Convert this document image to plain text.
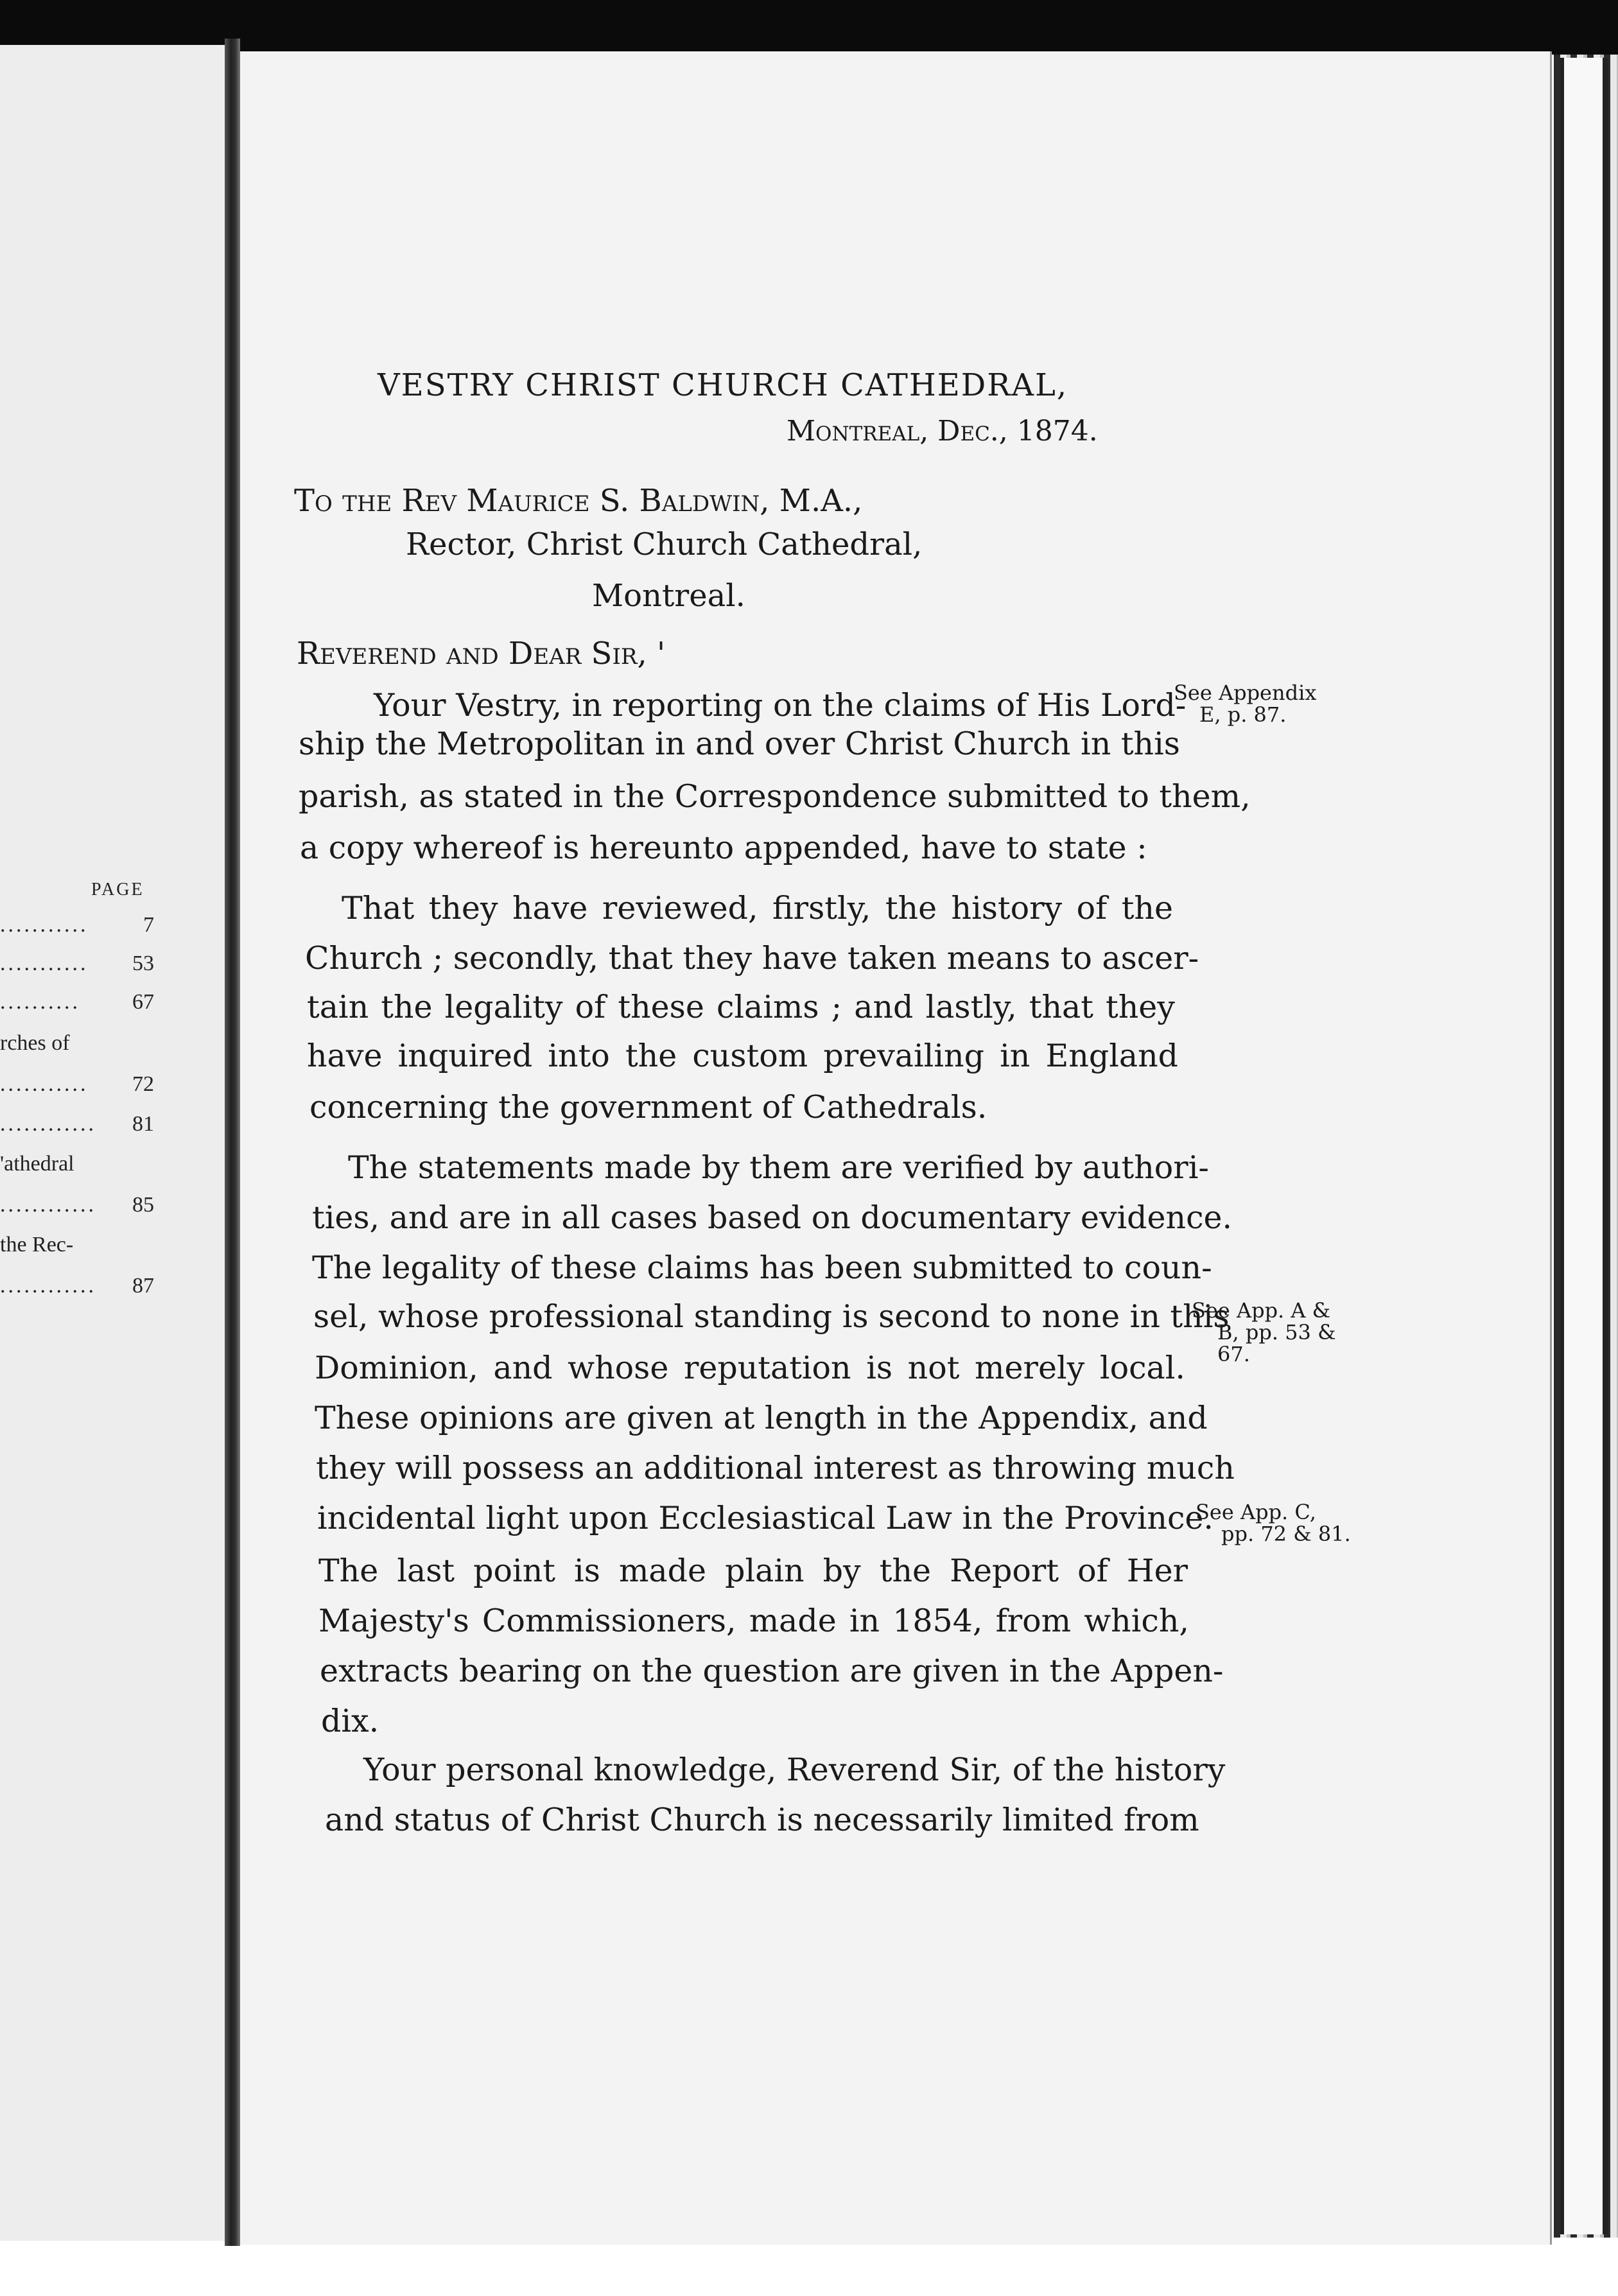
PAGE
...........	7
...........	53
..........	67
rches of
...........	72
............	81
'athedral
............	85
the Rec-
............	87
VESTRY CHRIST CHURCH CATHEDRAL,
Montreal, Dec., 1874.
To the Rev Maurice S. Baldwin, M.A.,
Rector, Christ Church Cathedral,
Montreal.
Reverend and Dear Sir, '
Your Vestry, in reporting on the claims of His Lord-
ship the Metropolitan in and over Christ Church in this
parish, as stated in the Correspondence submitted to them,
a copy whereof is hereunto appended, have to state :
That they have reviewed, firstly, the history of the
Church ; secondly, that they have taken means to ascer-
tain the legality of these claims ; and lastly, that they
have inquired into the custom prevailing in England
concerning the government of Cathedrals.
The statements made by them are verified by authori-
ties, and are in all cases based on documentary evidence.
The legality of these claims has been submitted to coun-
sel, whose professional standing is second to none in this
Dominion, and whose reputation is not merely local.
These opinions are given at length in the Appendix, and
they will possess an additional interest as throwing much
incidental light upon Ecclesiastical Law in the Province.
The last point is made plain by the Report of Her
Majesty's Commissioners, made in 1854, from which,
extracts bearing on the question are given in the Appen-
dix.
Your personal knowledge, Reverend Sir, of the history
and status of Christ Church is necessarily limited from
See Appendix
E, p. 87.
See App. A &
B, pp. 53 &
67.
See App. C,
pp. 72 & 81.
